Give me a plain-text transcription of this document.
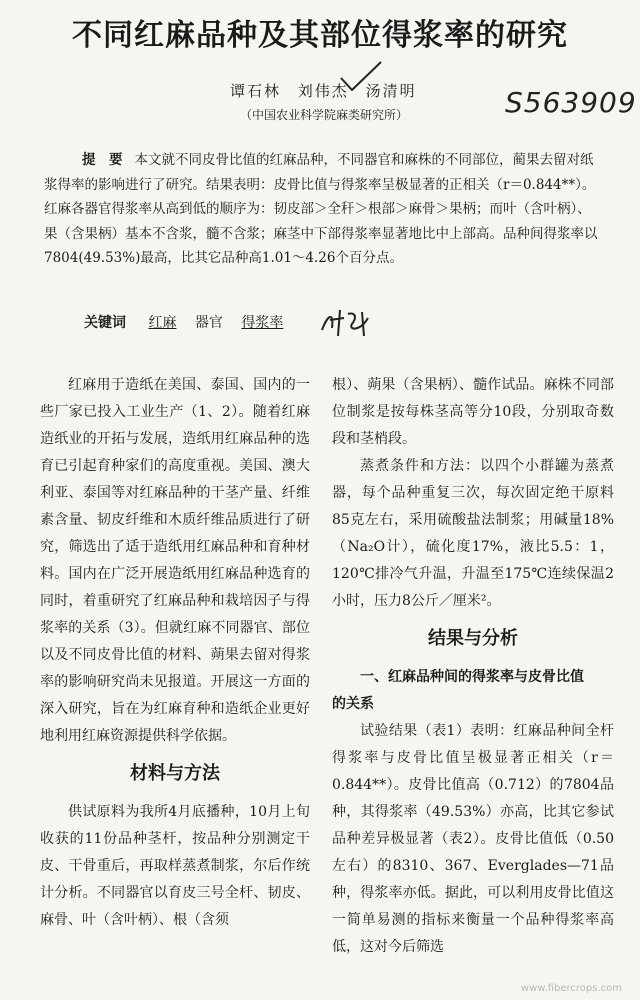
不同红麻品种及其部位得浆率的研究
谭石林 刘伟杰 汤清明	S563909
（中国农业科学院麻类研究所）
提　要 本文就不同皮骨比值的红麻品种，不同器官和麻株的不同部位，蔺果去留对纸浆得率的影响进行了研究。结果表明：皮骨比值与得浆率呈极显著的正相关（r＝0.844**）。红麻各器官得浆率从高到低的顺序为：韧皮部＞全秆＞根部＞麻骨＞果柄；而叶（含叶柄）、果（含果柄）基本不含浆，髓不含浆；麻茎中下部得浆率显著地比中上部高。品种间得浆率以7804(49.53%)最高，比其它品种高1.01～4.26个百分点。
关键词 红麻 器官 得浆率

红麻用于造纸在美国、泰国、国内的一些厂家已投入工业生产（1、2）。随着红麻造纸业的开拓与发展，造纸用红麻品种的选育已引起育种家们的高度重视。美国、澳大利亚、泰国等对红麻品种的干茎产量、纤维素含量、韧皮纤维和木质纤维品质进行了研究，筛选出了适于造纸用红麻品种和育种材料。国内在广泛开展造纸用红麻品种选育的同时，着重研究了红麻品种和栽培因子与得浆率的关系（3）。但就红麻不同器官、部位以及不同皮骨比值的材料、蒴果去留对得浆率的影响研究尚未见报道。开展这一方面的深入研究，旨在为红麻育种和造纸企业更好地利用红麻资源提供科学依据。

材料与方法

供试原料为我所4月底播种，10月上旬收获的11份品种茎杆，按品种分别测定干皮、干骨重后，再取样蒸煮制浆，尔后作统计分析。不同器官以育皮三号全杆、韧皮、麻骨、叶（含叶柄）、根（含须

根）、蒴果（含果柄）、髓作试品。麻株不同部位制浆是按每株茎高等分10段，分别取奇数段和茎梢段。

蒸煮条件和方法：以四个小群罐为蒸煮器，每个品种重复三次，每次固定绝干原料85克左右，采用硫酸盐法制浆；用碱量18%（Na₂O计），硫化度17%，液比5.5：1，120℃排冷气升温，升温至175℃连续保温2小时，压力8公斤／厘米²。

结果与分析

一、红麻品种间的得浆率与皮骨比值

的关系

试验结果（表1）表明：红麻品种间全杆得浆率与皮骨比值呈极显著正相关（r＝0.844**）。皮骨比值高（0.712）的7804品种，其得浆率（49.53%）亦高，比其它参试品种差异极显著（表2）。皮骨比值低（0.50左右）的8310、367、Everglades—71品种，得浆率亦低。据此，可以利用皮骨比值这一简单易测的指标来衡量一个品种得浆率高低，这对今后筛选

www.fibercrops.com
